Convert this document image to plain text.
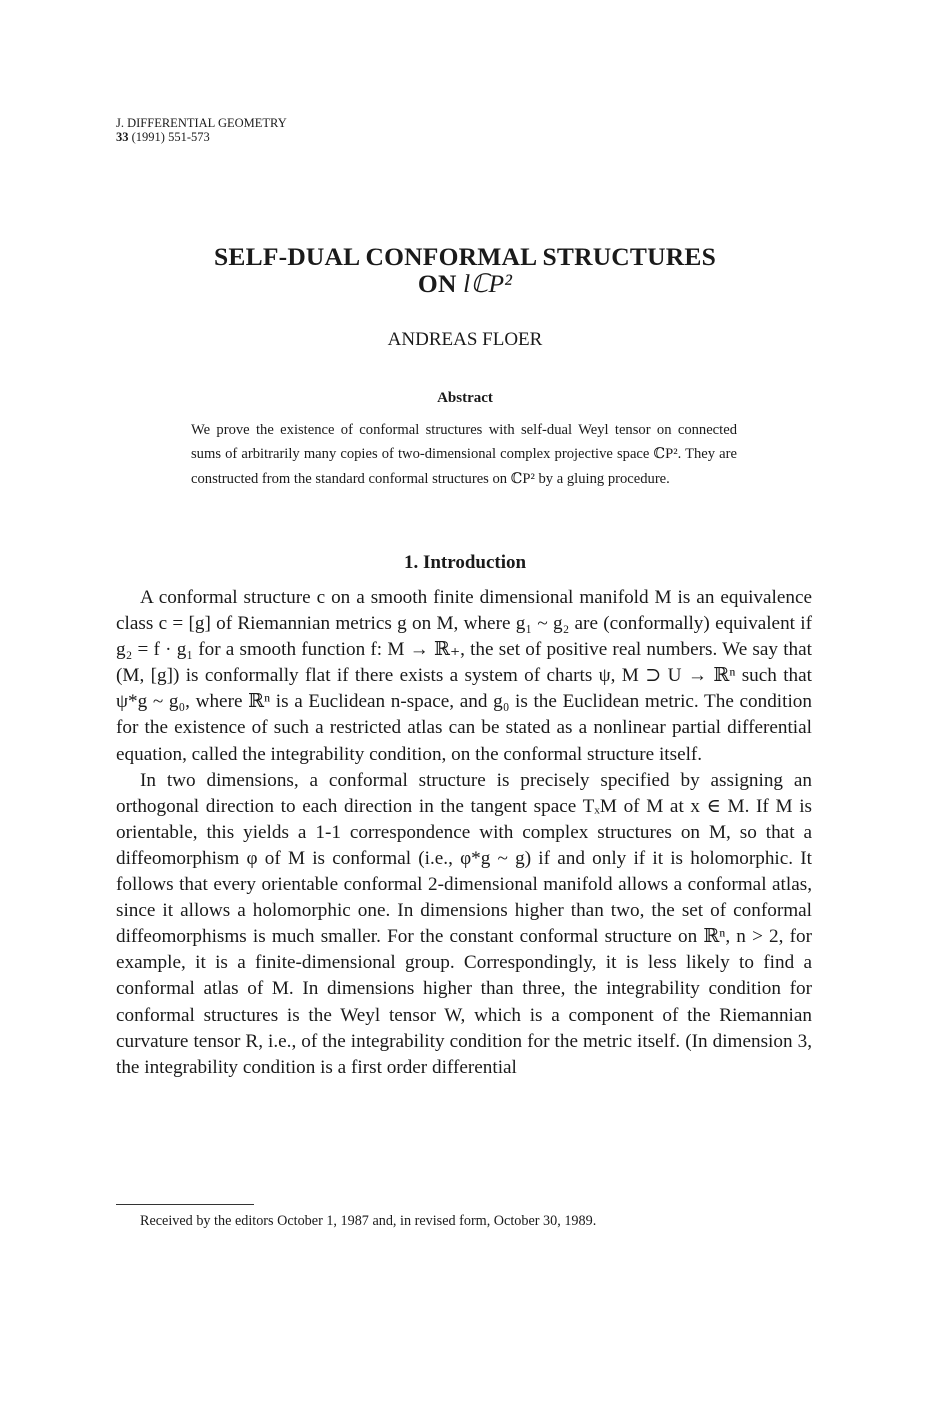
J. DIFFERENTIAL GEOMETRY
33 (1991) 551-573
SELF-DUAL CONFORMAL STRUCTURES
ON lℂP²
ANDREAS FLOER
Abstract
We prove the existence of conformal structures with self-dual Weyl tensor on connected sums of arbitrarily many copies of two-dimensional complex projective space ℂP². They are constructed from the standard conformal structures on ℂP² by a gluing procedure.
1. Introduction

A conformal structure c on a smooth finite dimensional manifold M is an equivalence class c = [g] of Riemannian metrics g on M, where g₁ ~ g₂ are (conformally) equivalent if g₂ = f · g₁ for a smooth function f: M → ℝ₊, the set of positive real numbers. We say that (M, [g]) is conformally flat if there exists a system of charts ψ, M ⊃ U → ℝⁿ such that ψ*g ~ g₀, where ℝⁿ is a Euclidean n-space, and g₀ is the Euclidean metric. The condition for the existence of such a restricted atlas can be stated as a nonlinear partial differential equation, called the integrability condition, on the conformal structure itself.

In two dimensions, a conformal structure is precisely specified by assigning an orthogonal direction to each direction in the tangent space TₓM of M at x ∈ M. If M is orientable, this yields a 1-1 correspondence with complex structures on M, so that a diffeomorphism φ of M is conformal (i.e., φ*g ~ g) if and only if it is holomorphic. It follows that every orientable conformal 2-dimensional manifold allows a conformal atlas, since it allows a holomorphic one. In dimensions higher than two, the set of conformal diffeomorphisms is much smaller. For the constant conformal structure on ℝⁿ, n > 2, for example, it is a finite-dimensional group. Correspondingly, it is less likely to find a conformal atlas of M. In dimensions higher than three, the integrability condition for conformal structures is the Weyl tensor W, which is a component of the Riemannian curvature tensor R, i.e., of the integrability condition for the metric itself. (In dimension 3, the integrability condition is a first order differential

Received by the editors October 1, 1987 and, in revised form, October 30, 1989.
